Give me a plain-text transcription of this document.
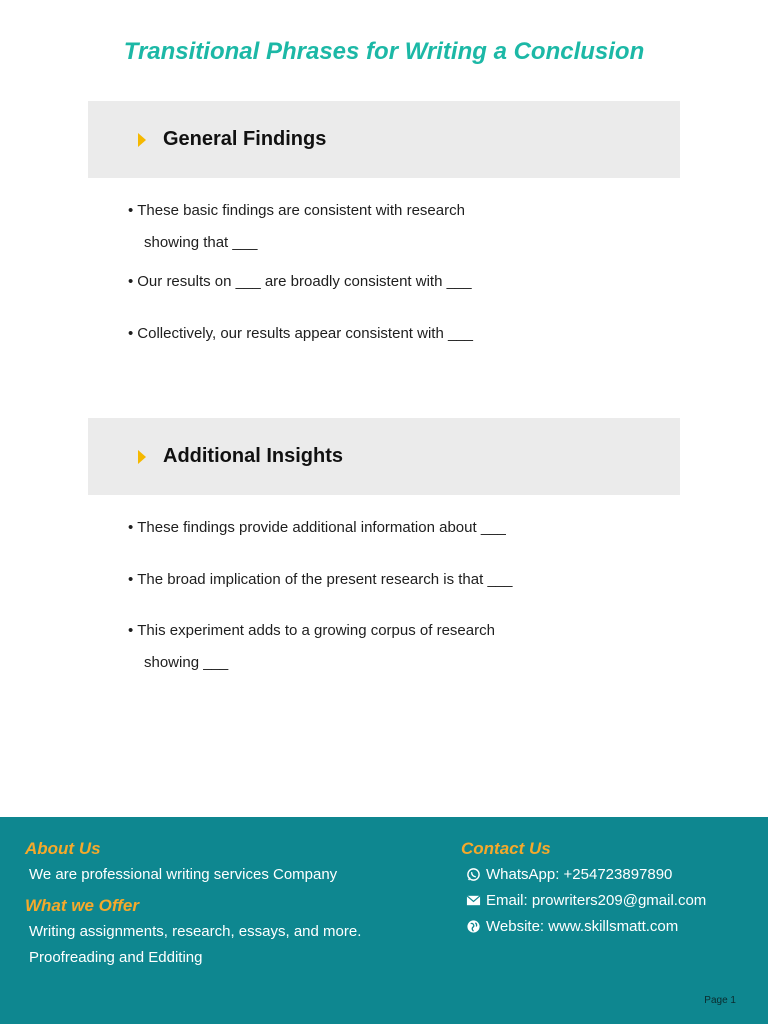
Transitional Phrases for Writing a Conclusion
General Findings
• These basic findings are consistent with research
showing that ___
• Our results on ___ are broadly consistent with ___
• Collectively, our results appear consistent with ___
Additional Insights
• These findings provide additional information about ___
• The broad implication of the present research is that ___
• This experiment adds to a growing corpus of research
showing ___
About Us
We are professional writing services Company
What we Offer
Writing assignments, research, essays, and more.
Proofreading and Edditing
Contact Us
WhatsApp: +254723897890
Email: prowriters209@gmail.com
Website: www.skillsmatt.com
Page 1
